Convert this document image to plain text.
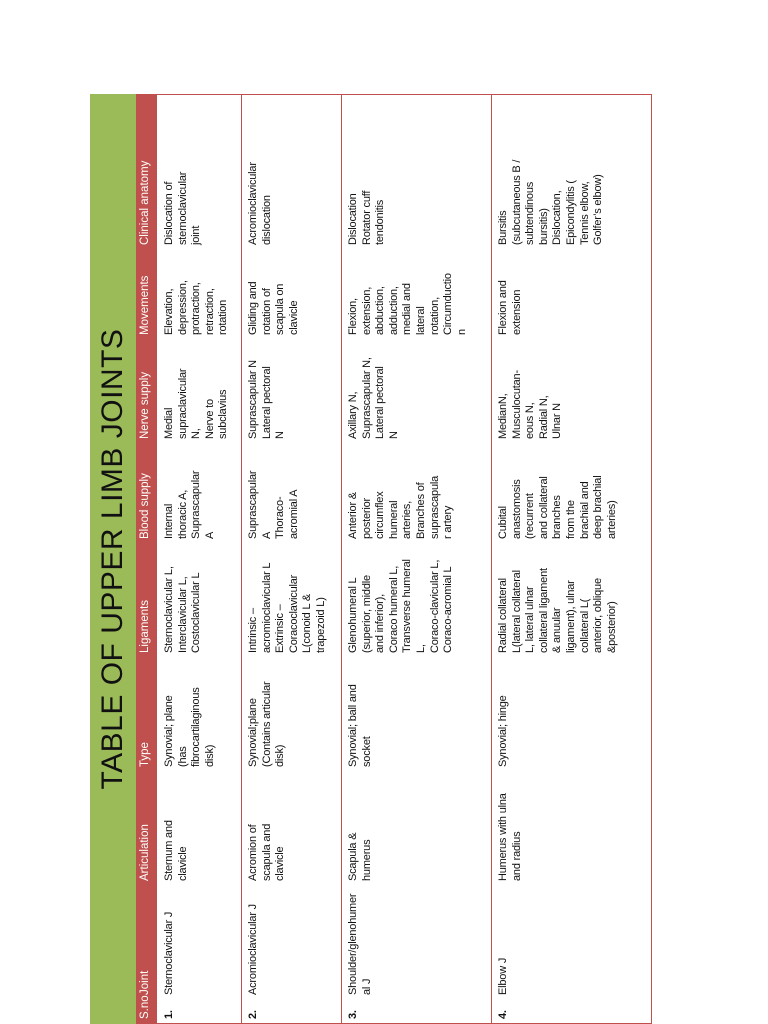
TABLE OF UPPER LIMB JOINTS
S.no
Joint
Articulation
Type
Ligaments
Blood supply
Nerve supply
Movements
Clinical anatomy
1.
Sternoclavicular J
Sternum and
clavicle
Synovial; plane
(has
fibrocartilaginous
disk)
Sternoclavicular L,
Interclavicular L,
Costoclavicular L
Internal
thoracic A,
Suprascapular
A
Medial
supraclavicular
N,
Nerve to
subclavius
Elevation,
depression,
protraction,
retraction,
rotation
Dislocation of
sternoclavicular
joint
2.
Acromioclavicular J
Acromion of
scapula and
clavicle
Synovial;plane
(Contains articular
disk)
Intrinsic –
acromioclavicular L
Extrinsic –
Coracoclavicular
L(conoid L &
trapezoid L)
Suprascapular
A
Thoraco-
acromial A
Suprascapular N
Lateral pectoral
N
Gliding and
rotation of
scapula on
clavicle
Acromioclavicular
dislocation
3.
Shoulder/glenohumer
al J
Scapula &
humerus
Synovial; ball and
socket
Glenohumeral L
(superior, middle
and inferior),
Coraco humeral L,
Transverse humeral
L,
Coraco-clavicular L,
Coraco-acromial L
Anterior &
posterior
circumflex
humeral
arteries,
Branches of
suprascapula
r artery
Axillary N,
Suprascapular N,
Lateral pectoral
N
Flexion,
extension,
abduction,
adduction,
medial and
lateral
rotation,
Circumductio
n
Dislocation
Rotator cuff
tendonitis
4.
Elbow J
Humerus with ulna
and radius
Synovial; hinge
Radial collateral
L(lateral collateral
L, lateral ulnar
collateral ligament
& anuular
ligament), ulnar
collateral L(
anterior, oblique
&posterior)
Cubital
anastomosis
(recurrent
and collateral
branches
from the
brachial and
deep brachial
arteries)
MedianN,
Musculocutan-
eous N,
Radial N,
Ulnar N
Flexion and
extension
Bursitis
(subcutaneous B /
subtendinous
bursitis)
Dislocation,
Epicondylitis (
Tennis elbow,
Golfer’s elbow)
